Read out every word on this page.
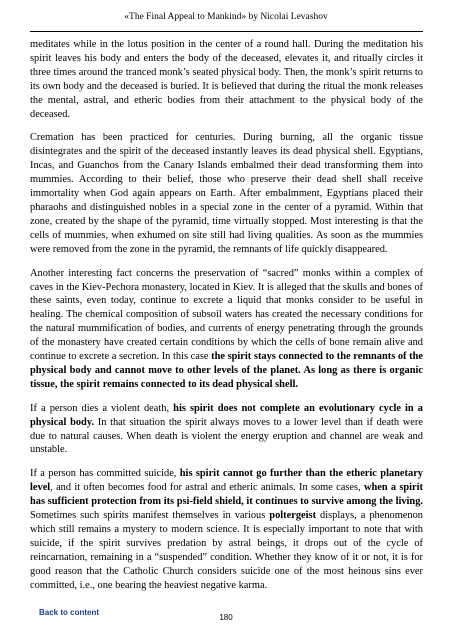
«The Final Appeal to Mankind» by Nicolai Levashov

meditates while in the lotus position in the center of a round hall. During the meditation his spirit leaves his body and enters the body of the deceased, elevates it, and ritually circles it three times around the tranced monk’s seated physical body. Then, the monk’s spirit returns to its own body and the deceased is buried. It is believed that during the ritual the monk releases the mental, astral, and etheric bodies from their attachment to the physical body of the deceased.

Cremation has been practiced for centuries. During burning, all the organic tissue disintegrates and the spirit of the deceased instantly leaves its dead physical shell. Egyptians, Incas, and Guanchos from the Canary Islands embalmed their dead transforming them into mummies. According to their belief, those who preserve their dead shell shall receive immortality when God again appears on Earth. After embalmment, Egyptians placed their pharaohs and distinguished nobles in a special zone in the center of a pyramid. Within that zone, created by the shape of the pyramid, time virtually stopped. Most interesting is that the cells of mummies, when exhumed on site still had living qualities. As soon as the mummies were removed from the zone in the pyramid, the remnants of life quickly disappeared.

Another interesting fact concerns the preservation of “sacred” monks within a complex of caves in the Kiev-Pechora monastery, located in Kiev. It is alleged that the skulls and bones of these saints, even today, continue to excrete a liquid that monks consider to be useful in healing. The chemical composition of subsoil waters has created the necessary conditions for the natural mummification of bodies, and currents of energy penetrating through the grounds of the monastery have created certain conditions by which the cells of bone remain alive and continue to excrete a secretion. In this case the spirit stays connected to the remnants of the physical body and cannot move to other levels of the planet. As long as there is organic tissue, the spirit remains connected to its dead physical shell.

If a person dies a violent death, his spirit does not complete an evolutionary cycle in a physical body. In that situation the spirit always moves to a lower level than if death were due to natural causes. When death is violent the energy eruption and channel are weak and unstable.

If a person has committed suicide, his spirit cannot go further than the etheric planetary level, and it often becomes food for astral and etheric animals. In some cases, when a spirit has sufficient protection from its psi-field shield, it continues to survive among the living. Sometimes such spirits manifest themselves in various poltergeist displays, a phenomenon which still remains a mystery to modern science. It is especially important to note that with suicide, if the spirit survives predation by astral beings, it drops out of the cycle of reincarnation, remaining in a “suspended” condition. Whether they know of it or not, it is for good reason that the Catholic Church considers suicide one of the most heinous sins ever committed, i.e., one bearing the heaviest negative karma.

Back to content
180
